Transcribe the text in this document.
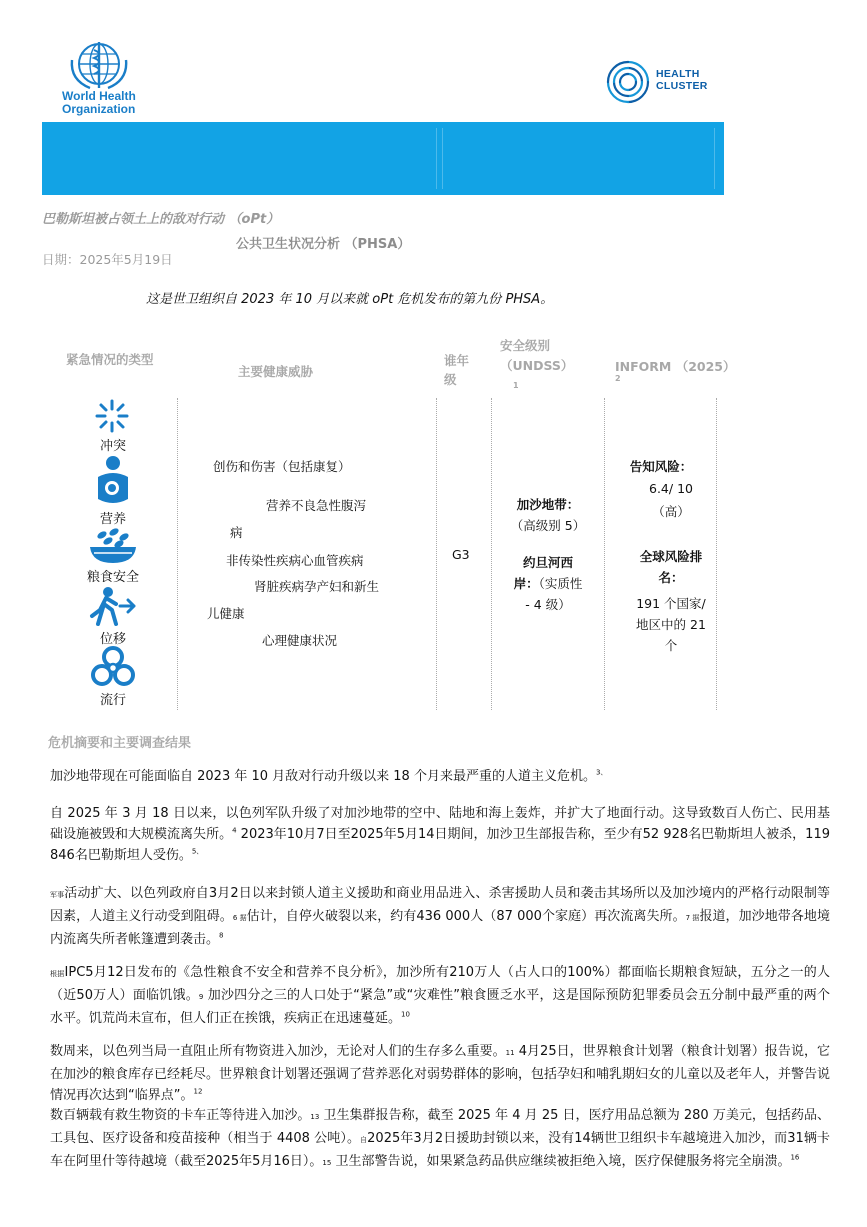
World Health Organization
HEALTH CLUSTER
巴勒斯坦被占领土上的敌对行动 （oPt）
公共卫生状况分析 （PHSA）
日期：2025年5月19日
这是世卫组织自 2023 年 10 月以来就 oPt 危机发布的第九份 PHSA。
紧急情况的类型
主要健康威胁
谁年级
安全级别 （UNDSS）
1
INFORM （2025）
2
冲突
营养
粮食安全
位移
流行
创伤和伤害（包括康复）
营养不良急性腹泻
病
非传染性疾病心血管疾病
肾脏疾病孕产妇和新生
儿健康
心理健康状况
G3
加沙地带：
（高级别 5）
约旦河西
岸：（实质性
- 4 级）
告知风险：
6.4/ 10
（高）
全球风险排
名：
191 个国家/
地区中的 21
个
危机摘要和主要调查结果
加沙地带现在可能面临自 2023 年 10 月敌对行动升级以来 18 个月来最严重的人道主义危机。$^{3、}$
自 2025 年 3 月 18 日以来，以色列军队升级了对加沙地带的空中、陆地和海上轰炸，并扩大了地面行动。这导致数百人伤亡、民用基础设施被毁和大规模流离失所。$^4$ 2023年10月7日至2025年5月14日期间，加沙卫生部报告称，至少有52 928名巴勒斯坦人被杀，119 846名巴勒斯坦人受伤。$^{5、}$
军事活动扩大、以色列政府自3月2日以来封锁人道主义援助和商业用品进入、杀害援助人员和袭击其场所以及加沙境内的严格行动限制等因素，人道主义行动受到阻碍。6 据估计，自停火破裂以来，约有436 000人（87 000个家庭）再次流离失所。7 据报道，加沙地带各地境内流离失所者帐篷遭到袭击。$^8$
根据IPC5月12日发布的《急性粮食不安全和营养不良分析》，加沙所有210万人（占人口的100%）都面临长期粮食短缺，五分之一的人（近50万人）面临饥饿。9 加沙四分之三的人口处于“紧急”或“灾难性”粮食匮乏水平，这是国际预防犯罪委员会五分制中最严重的两个水平。饥荒尚未宣布，但人们正在挨饿，疾病正在迅速蔓延。$^{10}$
数周来，以色列当局一直阻止所有物资进入加沙，无论对人们的生存多么重要。11 4月25日，世界粮食计划署（粮食计划署）报告说，它在加沙的粮食库存已经耗尽。世界粮食计划署还强调了营养恶化对弱势群体的影响，包括孕妇和哺乳期妇女的儿童以及老年人，并警告说情况再次达到“临界点”。$^{12}$
数百辆载有救生物资的卡车正等待进入加沙。13 卫生集群报告称，截至 2025 年 4 月 25 日，医疗用品总额为 280 万美元，包括药品、工具包、医疗设备和疫苗接种（相当于 4408 公吨）。自2025年3月2日援助封锁以来，没有14辆世卫组织卡车越境进入加沙，而31辆卡车在阿里什等待越境（截至2025年5月16日）。15 卫生部警告说，如果紧急药品供应继续被拒绝入境，医疗保健服务将完全崩溃。$^{16}$
